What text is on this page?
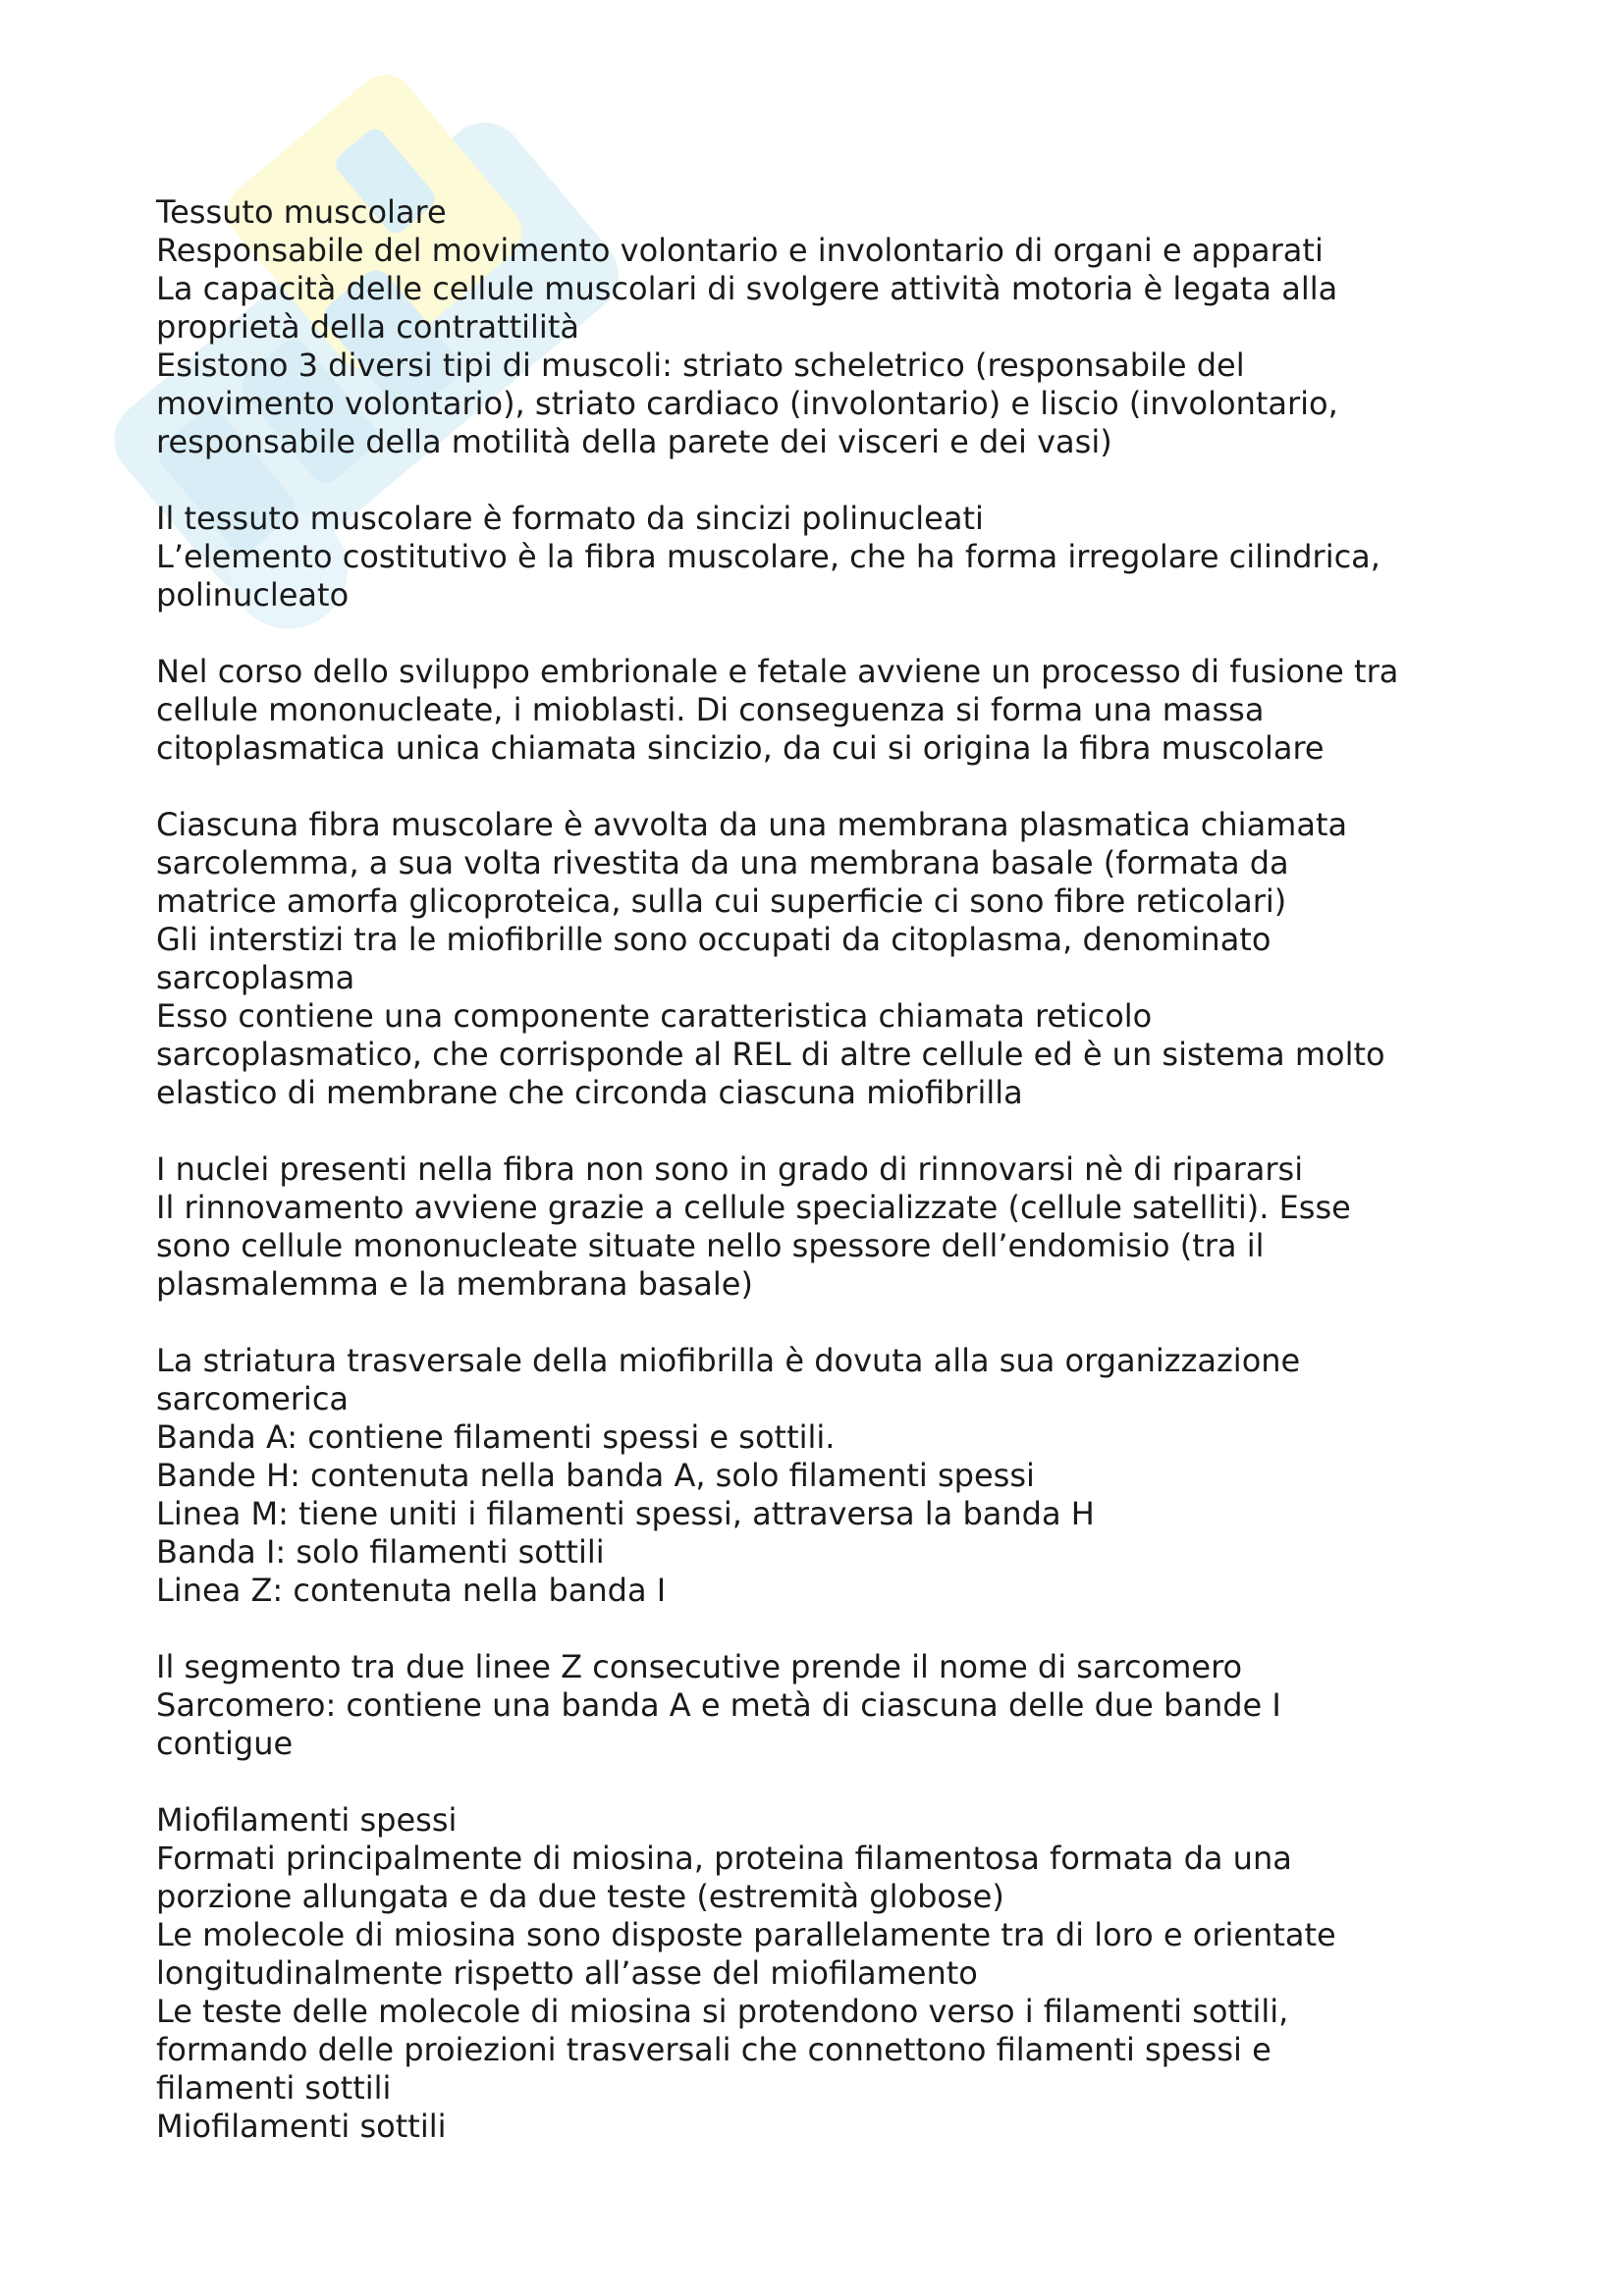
Tessuto muscolare
Responsabile del movimento volontario e involontario di organi e apparati
La capacità delle cellule muscolari di svolgere attività motoria è legata alla
proprietà della contrattilità
Esistono 3 diversi tipi di muscoli: striato scheletrico (responsabile del
movimento volontario), striato cardiaco (involontario) e liscio (involontario,
responsabile della motilità della parete dei visceri e dei vasi)
Il tessuto muscolare è formato da sincizi polinucleati
L’elemento costitutivo è la fibra muscolare, che ha forma irregolare cilindrica,
polinucleato
Nel corso dello sviluppo embrionale e fetale avviene un processo di fusione tra
cellule mononucleate, i mioblasti. Di conseguenza si forma una massa
citoplasmatica unica chiamata sincizio, da cui si origina la fibra muscolare
Ciascuna fibra muscolare è avvolta da una membrana plasmatica chiamata
sarcolemma, a sua volta rivestita da una membrana basale (formata da
matrice amorfa glicoproteica, sulla cui superficie ci sono fibre reticolari)
Gli interstizi tra le miofibrille sono occupati da citoplasma, denominato
sarcoplasma
Esso contiene una componente caratteristica chiamata reticolo
sarcoplasmatico, che corrisponde al REL di altre cellule ed è un sistema molto
elastico di membrane che circonda ciascuna miofibrilla
I nuclei presenti nella fibra non sono in grado di rinnovarsi nè di ripararsi
Il rinnovamento avviene grazie a cellule specializzate (cellule satelliti). Esse
sono cellule mononucleate situate nello spessore dell’endomisio (tra il
plasmalemma e la membrana basale)
La striatura trasversale della miofibrilla è dovuta alla sua organizzazione
sarcomerica
Banda A: contiene filamenti spessi e sottili.
Bande H: contenuta nella banda A, solo filamenti spessi
Linea M: tiene uniti i filamenti spessi, attraversa la banda H
Banda I: solo filamenti sottili
Linea Z: contenuta nella banda I
Il segmento tra due linee Z consecutive prende il nome di sarcomero
Sarcomero: contiene una banda A e metà di ciascuna delle due bande I
contigue
Miofilamenti spessi
Formati principalmente di miosina, proteina filamentosa formata da una
porzione allungata e da due teste (estremità globose)
Le molecole di miosina sono disposte parallelamente tra di loro e orientate
longitudinalmente rispetto all’asse del miofilamento
Le teste delle molecole di miosina si protendono verso i filamenti sottili,
formando delle proiezioni trasversali che connettono filamenti spessi e
filamenti sottili
Miofilamenti sottili
